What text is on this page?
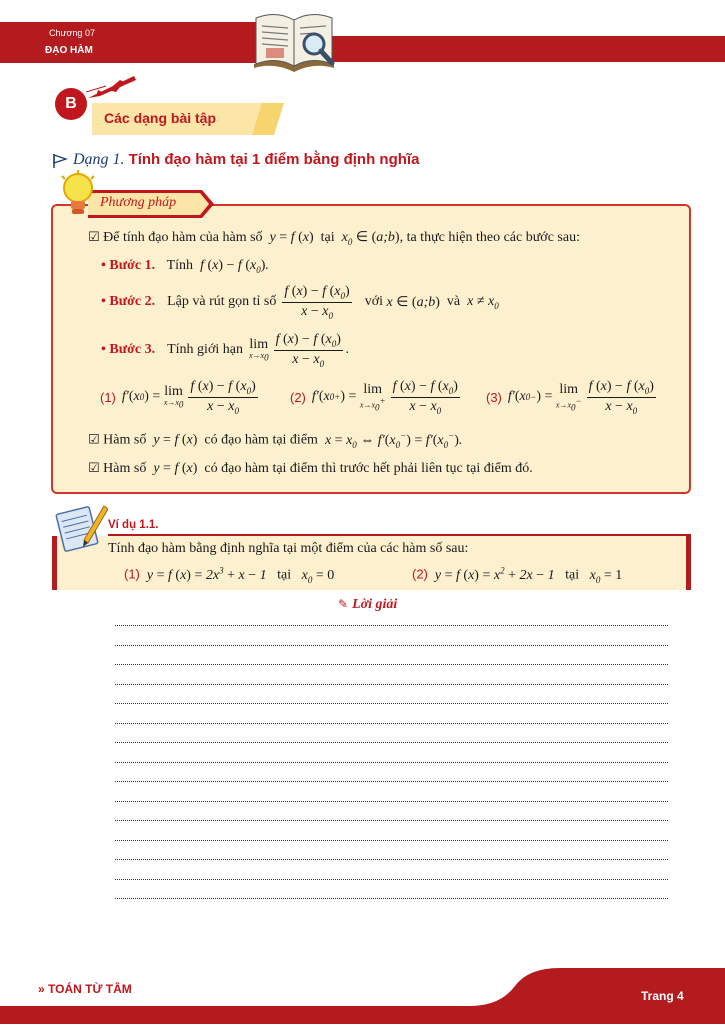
Chương 07
ĐẠO HÀM
B
Các dạng bài tập
Dạng 1. Tính đạo hàm tại 1 điểm bằng định nghĩa
Phương pháp
☑ Để tính đạo hàm của hàm số  y = f (x) tại  $x_0$ ∈ (a;b), ta thực hiện theo các bước sau:
• Bước 1. Tính  f (x) − f $(x_0)$.
• Bước 2. Lập và rút gọn tỉ số $\frac{f (x) - f (x_0)}{x - x_0}$ với x ∈ (a;b) và $x \ne x_0$
• Bước 3. Tính giới hạn lim
$x\to x_0 \frac{f (x) - f (x_0)}{x - x_0}$ .
(1) f′ ( x 0 ) = lim
$x\to x_0 \frac{f (x) - f (x_0)}{x - x_0} (2)$ f′ ( x 0 + ) = lim
$x\to x_0^+ \frac{f (x) - f (x_0)}{x - x_0} (3)$ f′ ( x 0 − ) = lim
$x\to x_0^- \frac{f (x) - f (x_0)}{x - x_0}$
☑ Hàm số  y = f (x) có đạo hàm tại điểm  $x = x_0$ ⇔ $f'(x_0^-) = f'(x_0^-)$.
☑ Hàm số  y = f (x) có đạo hàm tại điểm thì trước hết phải liên tục tại điểm đó.
Ví dụ 1.1.
Tính đạo hàm bằng định nghĩa tại một điểm của các hàm số sau:
(1)  y = f $(x) = 2x^3 + x - 1$   tại   $x_0 = 0$	(2)  y = f $(x) = x^2 + 2x - 1$   tại   $x_0 = 1$
✎ Lời giải
» TOÁN TỪ TÂM	Trang 4
